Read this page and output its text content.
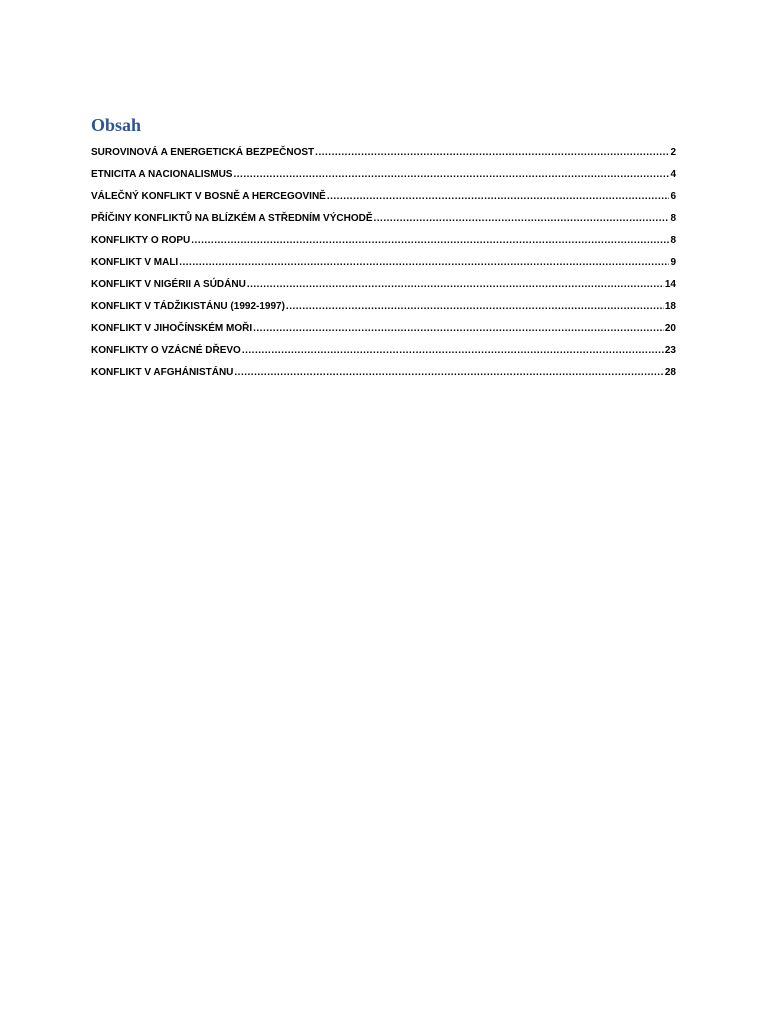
Obsah
SUROVINOVÁ A ENERGETICKÁ BEZPEČNOST .....	2
ETNICITA A NACIONALISMUS .....	4
VÁLEČNÝ KONFLIKT V BOSNĚ A HERCEGOVINĚ .....	6
PŘÍČINY KONFLIKTŮ NA BLÍZKÉM A STŘEDNÍM VÝCHODĚ .....	8
KONFLIKTY O ROPU .....	8
KONFLIKT V MALI .....	9
KONFLIKT V NIGÉRII A SÚDÁNU .....	14
KONFLIKT V TÁDŽIKISTÁNU (1992-1997) .....	18
KONFLIKT V JIHOČÍNSKÉM MOŘI .....	20
KONFLIKTY O VZÁCNÉ DŘEVO .....	23
KONFLIKT V AFGHÁNISTÁNU .....	28
